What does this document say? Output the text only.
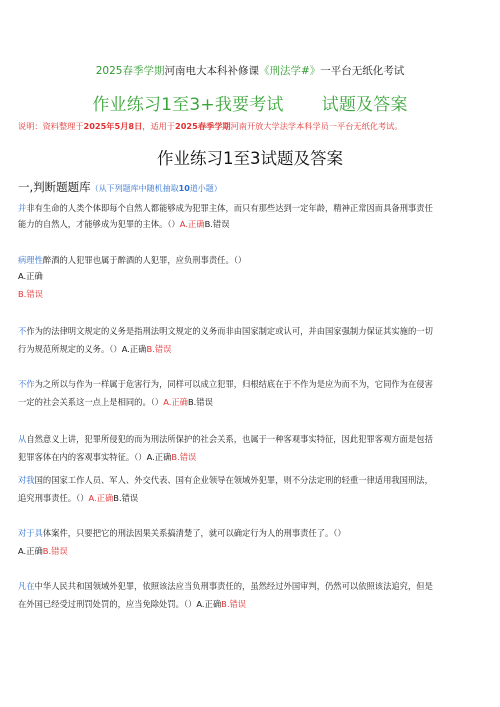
2025春季学期河南电大本科补修课《刑法学#》一平台无纸化考试
作业练习1至3+我要考试 试题及答案
说明：资料整理于2025年5月8日，适用于2025春季学期河南开放大学法学本科学员一平台无纸化考试。
作业练习1至3试题及答案
一,判断题题库（从下列题库中随机抽取10道小题）
并非有生命的人类个体即每个自然人都能够成为犯罪主体，而只有那些达到一定年龄，精神正常因而具备刑事责任
能力的自然人，才能够成为犯罪的主体。（）A.正确B.错误
病理性醉酒的人犯罪也属于醉酒的人犯罪，应负刑事责任。（）
A.正确
B.错误
不作为的法律明文规定的义务是指刑法明文规定的义务而非由国家制定或认可，并由国家强制力保证其实施的一切
行为规范所规定的义务。（）A.正确B.错误
不作为之所以与作为一样属于危害行为，同样可以成立犯罪，归根结底在于不作为是应为而不为，它同作为在侵害
一定的社会关系这一点上是相同的。（）A.正确B.错误
从自然意义上讲，犯罪所侵犯的而为刑法所保护的社会关系，也属于一种客观事实特征，因此犯罪客观方面是包括
犯罪客体在内的客观事实特征。（）A.正确B.错误
对我国的国家工作人员、军人、外交代表、国有企业领导在领域外犯罪，则不分法定刑的轻重一律适用我国刑法，
追究刑事责任。（）A.正确B.错误
对于具体案件，只要把它的刑法因果关系搞清楚了，就可以确定行为人的刑事责任了。（）
A.正确B.错误
凡在中华人民共和国领域外犯罪，依照该法应当负刑事责任的，虽然经过外国审判，仍然可以依照该法追究，但是
在外国已经受过刑罚处罚的，应当免除处罚。（）A.正确B.错误
